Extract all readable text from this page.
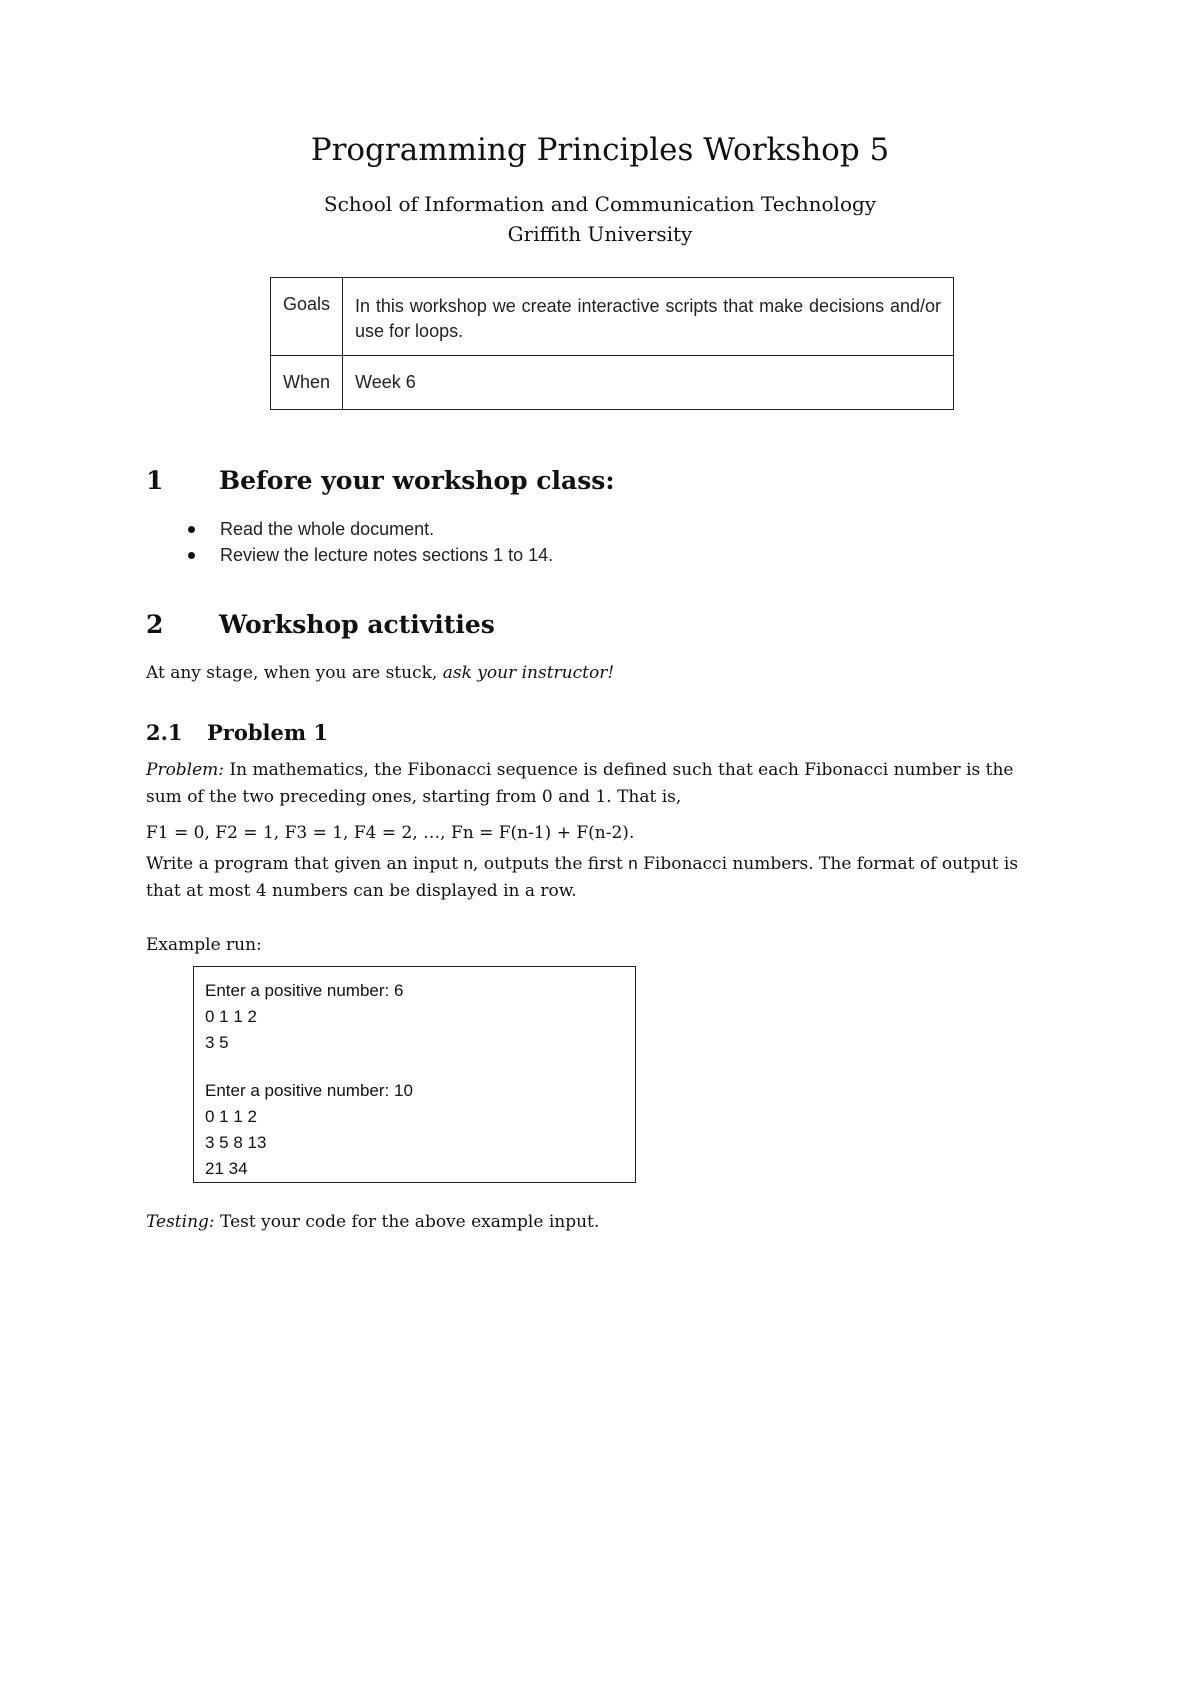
Programming Principles Workshop 5
School of Information and Communication Technology
Griffith University
Goals	In this workshop we create interactive scripts that make decisions and/or use for loops.
When	Week 6
1 Before your workshop class:
Read the whole document.
Review the lecture notes sections 1 to 14.
2 Workshop activities
At any stage, when you are stuck, ask your instructor!
2.1 Problem 1
Problem: In mathematics, the Fibonacci sequence is defined such that each Fibonacci number is the
sum of the two preceding ones, starting from 0 and 1. That is,
F1 = 0, F2 = 1, F3 = 1, F4 = 2, …, Fn = F(n-1) + F(n-2).
Write a program that given an input n, outputs the first n Fibonacci numbers. The format of output is
that at most 4 numbers can be displayed in a row.
Example run:
Enter a positive number: 6
0 1 1 2
3 5
Enter a positive number: 10
0 1 1 2
3 5 8 13
21 34
Testing: Test your code for the above example input.
